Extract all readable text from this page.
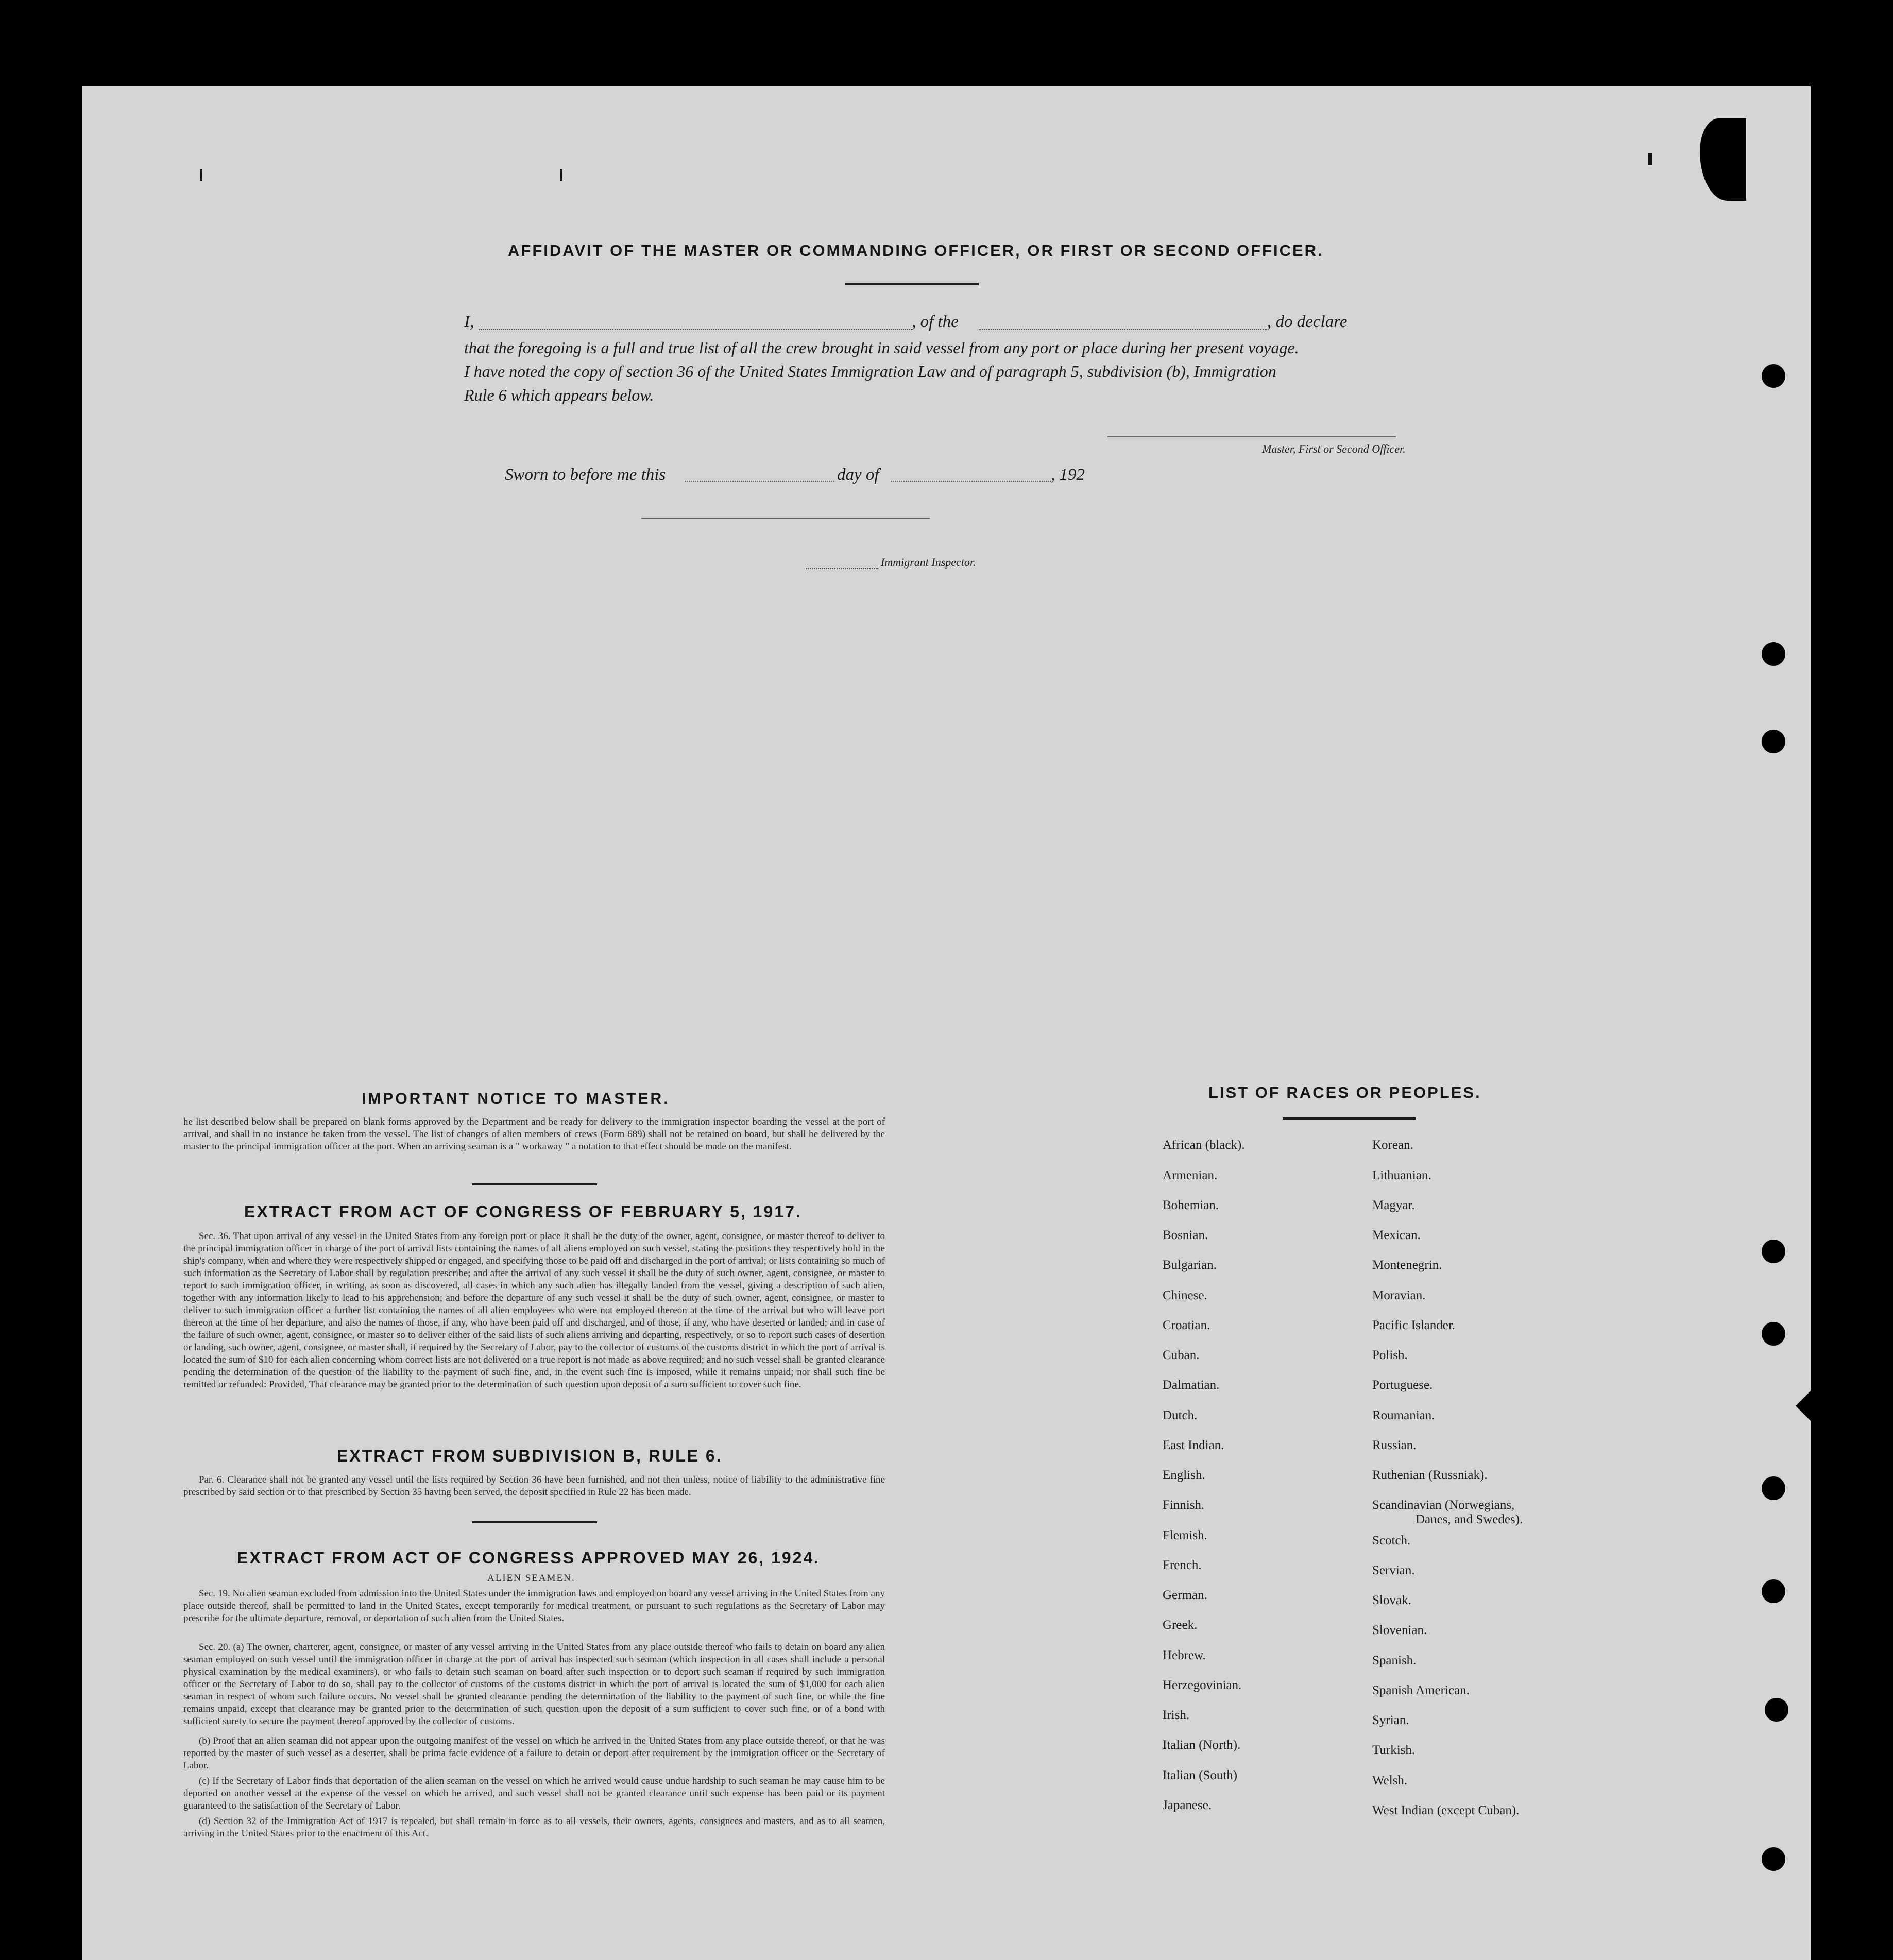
AFFIDAVIT OF THE MASTER OR COMMANDING OFFICER, OR FIRST OR SECOND OFFICER.
I,	, of the	, do declare
that the foregoing is a full and true list of all the crew brought in said vessel from any port or place during her present voyage.
I have noted the copy of section 36 of the United States Immigration Law and of paragraph 5, subdivision (b), Immigration
Rule 6 which appears below.
Master, First or Second Officer.
Sworn to before me this	day of	, 192
Immigrant Inspector.
IMPORTANT NOTICE TO MASTER.
he list described below shall be prepared on blank forms approved by the Department and be ready for delivery to the immigration inspector boarding the vessel at the port of arrival, and shall in no instance be taken from the vessel. The list of changes of alien members of crews (Form 689) shall not be retained on board, but shall be delivered by the master to the principal immigration officer at the port. When an arriving seaman is a " workaway " a notation to that effect should be made on the manifest.
EXTRACT FROM ACT OF CONGRESS OF FEBRUARY 5, 1917.
Sec. 36. That upon arrival of any vessel in the United States from any foreign port or place it shall be the duty of the owner, agent, consignee, or master thereof to deliver to the principal immigration officer in charge of the port of arrival lists containing the names of all aliens employed on such vessel, stating the positions they respectively hold in the ship's company, when and where they were respectively shipped or engaged, and specifying those to be paid off and discharged in the port of arrival; or lists containing so much of such information as the Secretary of Labor shall by regulation prescribe; and after the arrival of any such vessel it shall be the duty of such owner, agent, consignee, or master to report to such immigration officer, in writing, as soon as discovered, all cases in which any such alien has illegally landed from the vessel, giving a description of such alien, together with any information likely to lead to his apprehension; and before the departure of any such vessel it shall be the duty of such owner, agent, consignee, or master to deliver to such immigration officer a further list containing the names of all alien employees who were not employed thereon at the time of the arrival but who will leave port thereon at the time of her departure, and also the names of those, if any, who have been paid off and discharged, and of those, if any, who have deserted or landed; and in case of the failure of such owner, agent, consignee, or master so to deliver either of the said lists of such aliens arriving and departing, respectively, or so to report such cases of desertion or landing, such owner, agent, consignee, or master shall, if required by the Secretary of Labor, pay to the collector of customs of the customs district in which the port of arrival is located the sum of $10 for each alien concerning whom correct lists are not delivered or a true report is not made as above required; and no such vessel shall be granted clearance pending the determination of the question of the liability to the payment of such fine, and, in the event such fine is imposed, while it remains unpaid; nor shall such fine be remitted or refunded: Provided, That clearance may be granted prior to the determination of such question upon deposit of a sum sufficient to cover such fine.
EXTRACT FROM SUBDIVISION B, RULE 6.
Par. 6. Clearance shall not be granted any vessel until the lists required by Section 36 have been furnished, and not then unless, notice of liability to the administrative fine prescribed by said section or to that prescribed by Section 35 having been served, the deposit specified in Rule 22 has been made.
EXTRACT FROM ACT OF CONGRESS APPROVED MAY 26, 1924.
ALIEN SEAMEN.
Sec. 19. No alien seaman excluded from admission into the United States under the immigration laws and employed on board any vessel arriving in the United States from any place outside thereof, shall be permitted to land in the United States, except temporarily for medical treatment, or pursuant to such regulations as the Secretary of Labor may prescribe for the ultimate departure, removal, or deportation of such alien from the United States.
Sec. 20. (a) The owner, charterer, agent, consignee, or master of any vessel arriving in the United States from any place outside thereof who fails to detain on board any alien seaman employed on such vessel until the immigration officer in charge at the port of arrival has inspected such seaman (which inspection in all cases shall include a personal physical examination by the medical examiners), or who fails to detain such seaman on board after such inspection or to deport such seaman if required by such immigration officer or the Secretary of Labor to do so, shall pay to the collector of customs of the customs district in which the port of arrival is located the sum of $1,000 for each alien seaman in respect of whom such failure occurs. No vessel shall be granted clearance pending the determination of the liability to the payment of such fine, or while the fine remains unpaid, except that clearance may be granted prior to the determination of such question upon the deposit of a sum sufficient to cover such fine, or of a bond with sufficient surety to secure the payment thereof approved by the collector of customs.
(b) Proof that an alien seaman did not appear upon the outgoing manifest of the vessel on which he arrived in the United States from any place outside thereof, or that he was reported by the master of such vessel as a deserter, shall be prima facie evidence of a failure to detain or deport after requirement by the immigration officer or the Secretary of Labor.
(c) If the Secretary of Labor finds that deportation of the alien seaman on the vessel on which he arrived would cause undue hardship to such seaman he may cause him to be deported on another vessel at the expense of the vessel on which he arrived, and such vessel shall not be granted clearance until such expense has been paid or its payment guaranteed to the satisfaction of the Secretary of Labor.
(d) Section 32 of the Immigration Act of 1917 is repealed, but shall remain in force as to all vessels, their owners, agents, consignees and masters, and as to all seamen, arriving in the United States prior to the enactment of this Act.
LIST OF RACES OR PEOPLES.
African (black).
Armenian.
Bohemian.
Bosnian.
Bulgarian.
Chinese.
Croatian.
Cuban.
Dalmatian.
Dutch.
East Indian.
English.
Finnish.
Flemish.
French.
German.
Greek.
Hebrew.
Herzegovinian.
Irish.
Italian (North).
Italian (South)
Japanese.
Korean.
Lithuanian.
Magyar.
Mexican.
Montenegrin.
Moravian.
Pacific Islander.
Polish.
Portuguese.
Roumanian.
Russian.
Ruthenian (Russniak).
Scandinavian (Norwegians,
Danes, and Swedes).
Scotch.
Servian.
Slovak.
Slovenian.
Spanish.
Spanish American.
Syrian.
Turkish.
Welsh.
West Indian (except Cuban).
